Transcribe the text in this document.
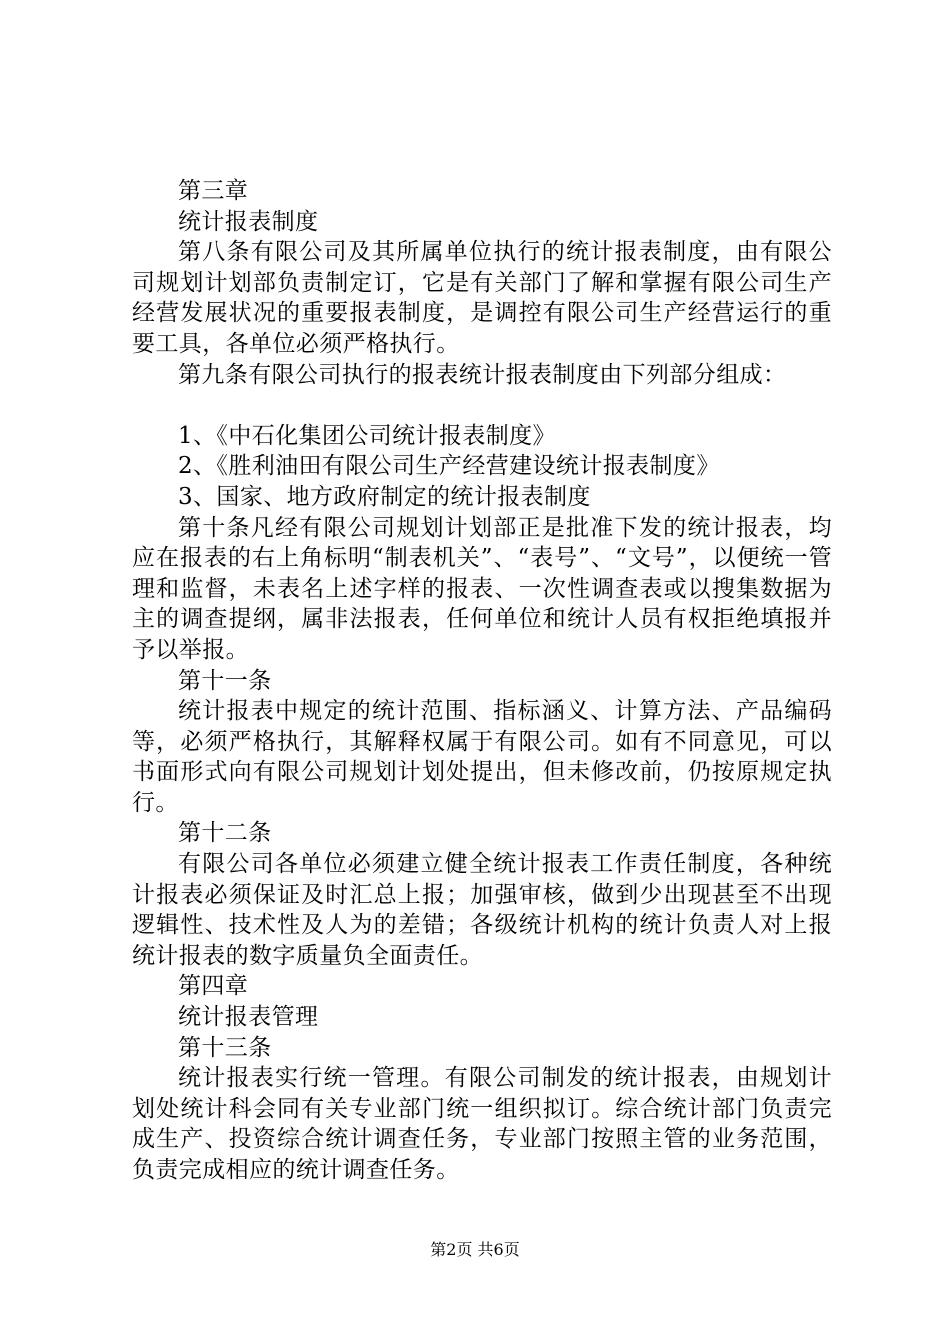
第三章

统计报表制度

第八条有限公司及其所属单位执行的统计报表制度，由有限公司规划计划部负责制定订，它是有关部门了解和掌握有限公司生产经营发展状况的重要报表制度，是调控有限公司生产经营运行的重要工具，各单位必须严格执行。

第九条有限公司执行的报表统计报表制度由下列部分组成：

1、《中石化集团公司统计报表制度》

2、《胜利油田有限公司生产经营建设统计报表制度》

3、国家、地方政府制定的统计报表制度

第十条凡经有限公司规划计划部正是批准下发的统计报表，均应在报表的右上角标明“制表机关”、“表号”、“文号”，以便统一管理和监督，未表名上述字样的报表、一次性调查表或以搜集数据为主的调查提纲，属非法报表，任何单位和统计人员有权拒绝填报并予以举报。

第十一条

统计报表中规定的统计范围、指标涵义、计算方法、产品编码等，必须严格执行，其解释权属于有限公司。如有不同意见，可以书面形式向有限公司规划计划处提出，但未修改前，仍按原规定执行。

第十二条

有限公司各单位必须建立健全统计报表工作责任制度，各种统计报表必须保证及时汇总上报；加强审核，做到少出现甚至不出现逻辑性、技术性及人为的差错；各级统计机构的统计负责人对上报统计报表的数字质量负全面责任。

第四章

统计报表管理

第十三条

统计报表实行统一管理。有限公司制发的统计报表，由规划计划处统计科会同有关专业部门统一组织拟订。综合统计部门负责完成生产、投资综合统计调查任务，专业部门按照主管的业务范围，负责完成相应的统计调查任务。

第2页 共6页
